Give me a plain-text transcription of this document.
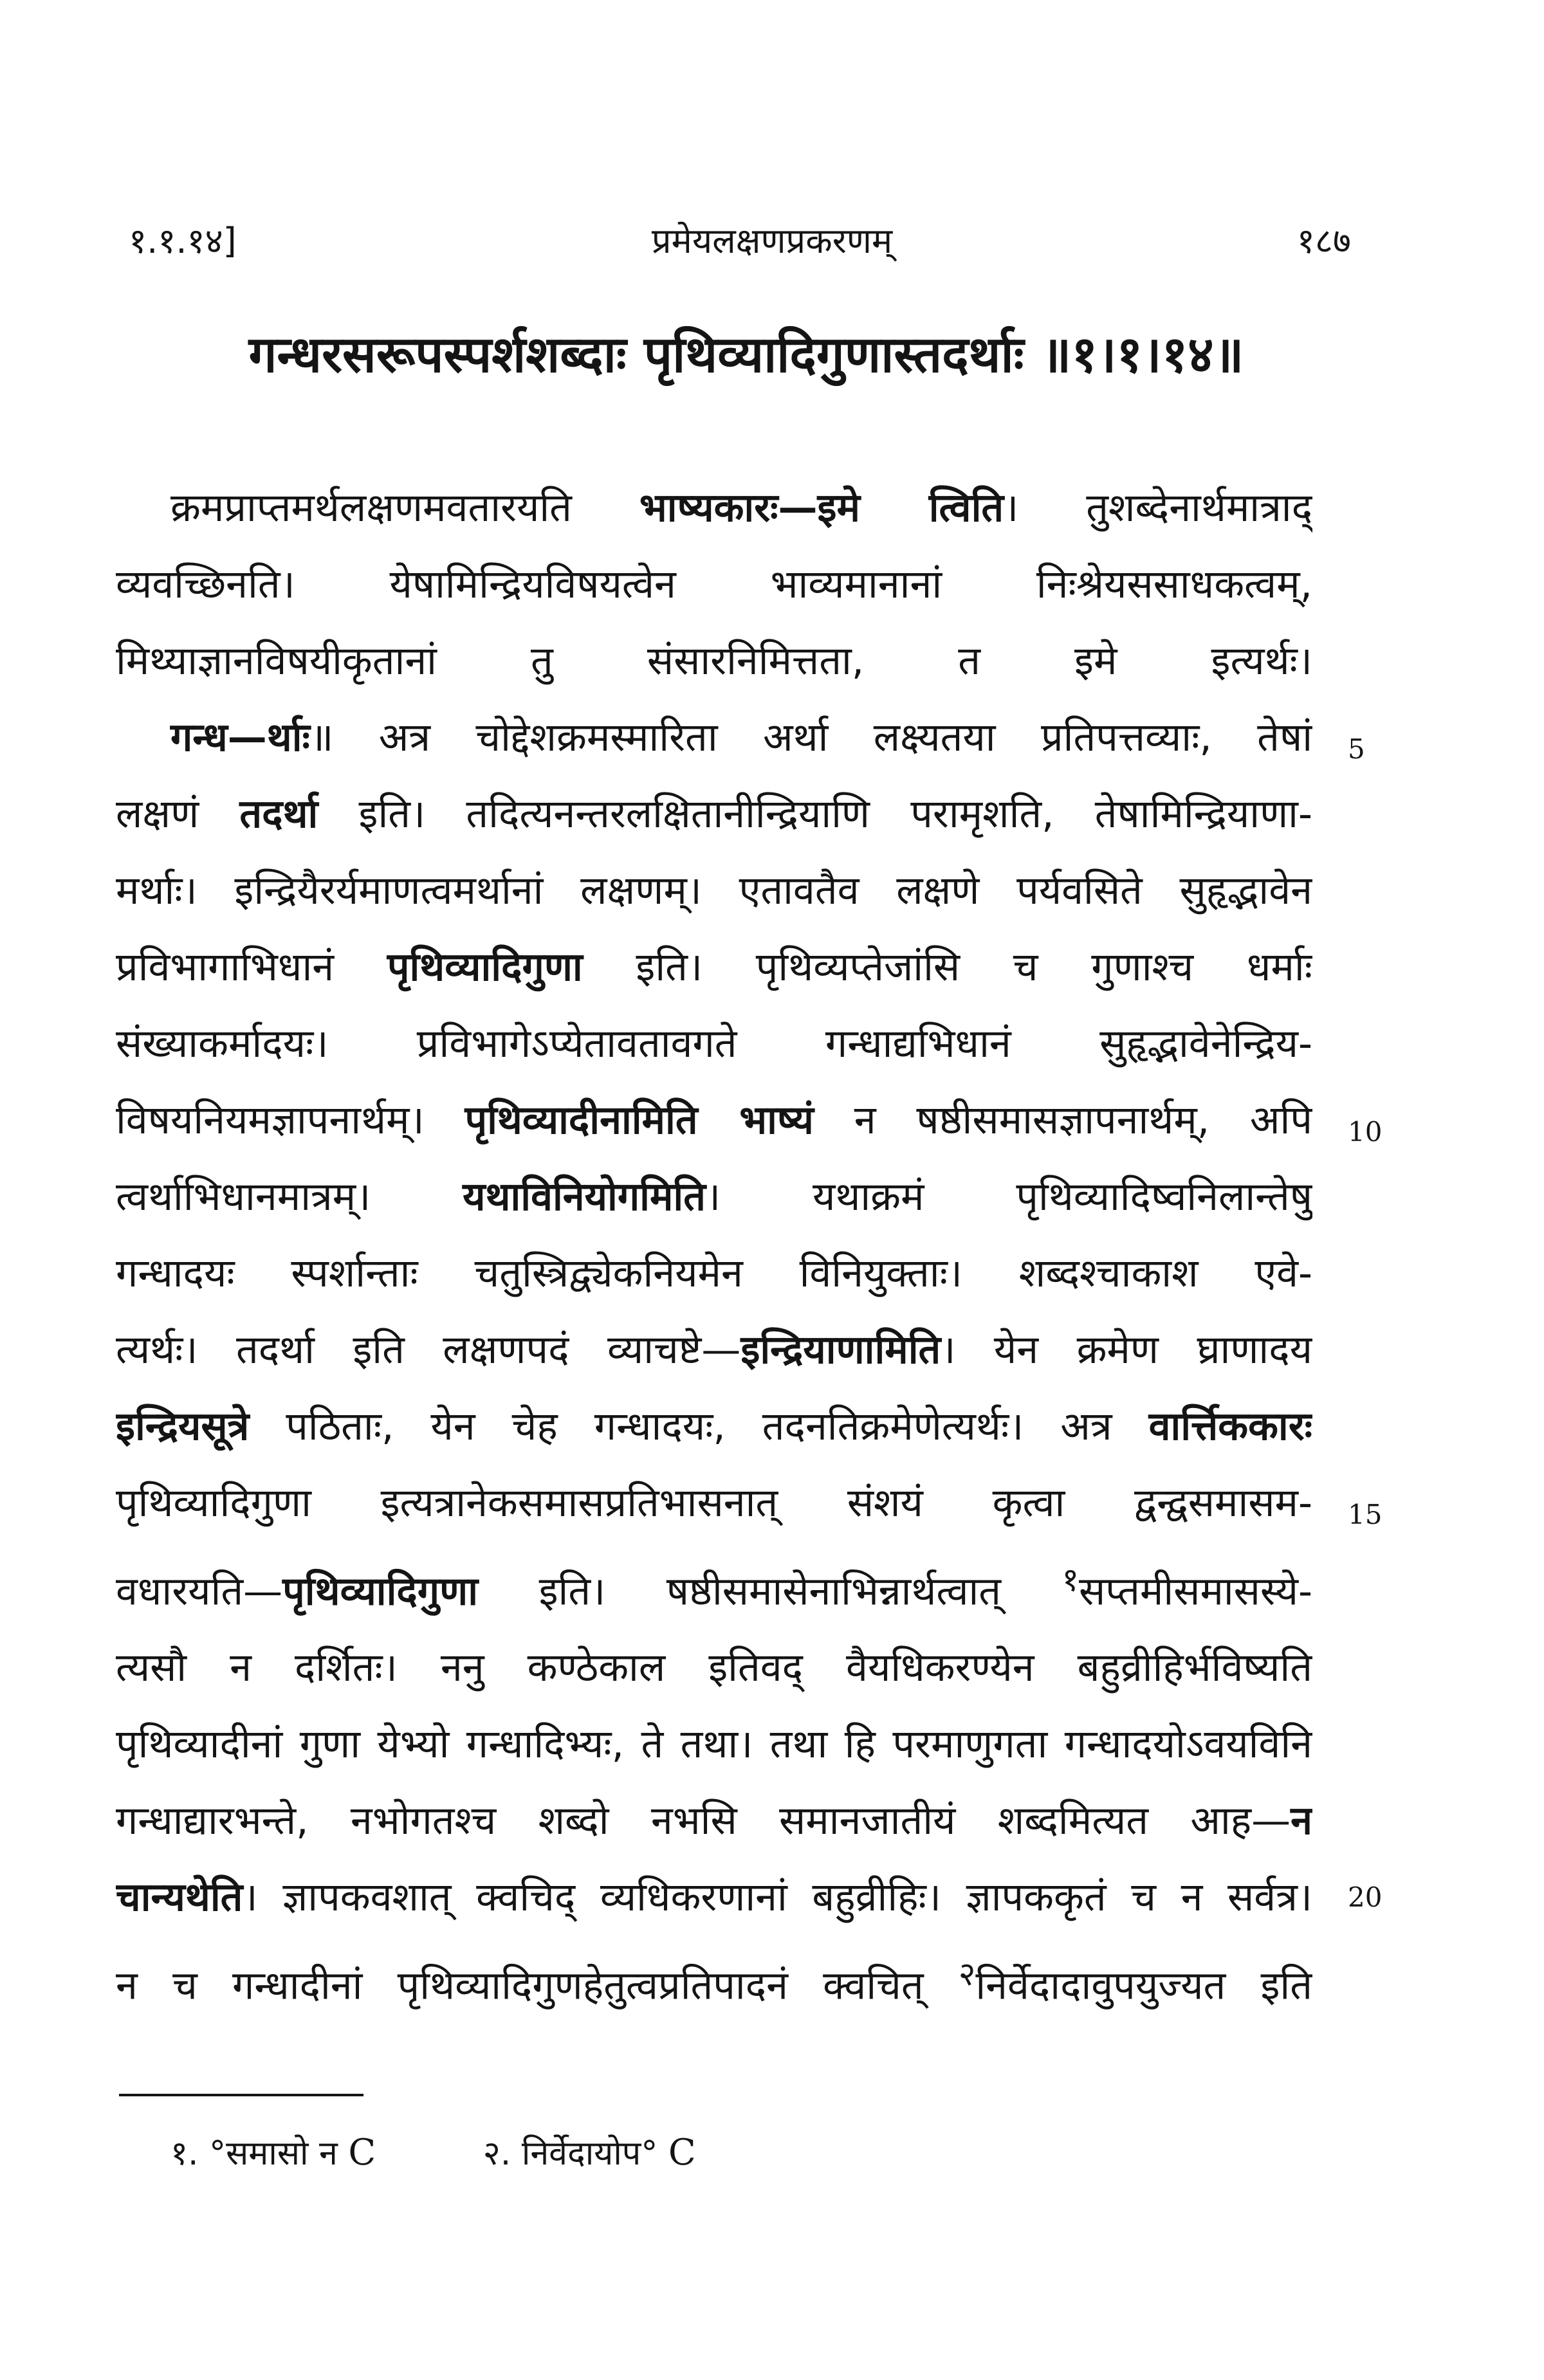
१.१.१४]	प्रमेयलक्षणप्रकरणम्	१८७
गन्धरसरूपस्पर्शशब्दाः पृथिव्यादिगुणास्तदर्थाः ॥१।१।१४॥
क्रमप्राप्तमर्थलक्षणमवतारयति भाष्यकारः—इमे त्विति। तुशब्देनार्थमात्राद्
व्यवच्छिनति। येषामिन्द्रियविषयत्वेन भाव्यमानानां निःश्रेयससाधकत्वम्,
मिथ्याज्ञानविषयीकृतानां तु संसारनिमित्तता, त इमे इत्यर्थः।
गन्ध—र्थाः॥ अत्र चोद्देशक्रमस्मारिता अर्था लक्ष्यतया प्रतिपत्तव्याः, तेषां
लक्षणं तदर्था इति। तदित्यनन्तरलक्षितानीन्द्रियाणि परामृशति, तेषामिन्द्रियाणा-
मर्थाः। इन्द्रियैरर्यमाणत्वमर्थानां लक्षणम्। एतावतैव लक्षणे पर्यवसिते सुहृद्भावेन
प्रविभागाभिधानं पृथिव्यादिगुणा इति। पृथिव्यप्तेजांसि च गुणाश्च धर्माः
संख्याकर्मादयः। प्रविभागेऽप्येतावतावगते गन्धाद्यभिधानं सुहृद्भावेनेन्द्रिय-
विषयनियमज्ञापनार्थम्। पृथिव्यादीनामिति भाष्यं न षष्ठीसमासज्ञापनार्थम्, अपि
त्वर्थाभिधानमात्रम्। यथाविनियोगमिति। यथाक्रमं पृथिव्यादिष्वनिलान्तेषु
गन्धादयः स्पर्शान्ताः चतुस्त्रिद्व्येकनियमेन विनियुक्ताः। शब्दश्चाकाश एवे-
त्यर्थः। तदर्था इति लक्षणपदं व्याचष्टे—इन्द्रियाणामिति। येन क्रमेण घ्राणादय
इन्द्रियसूत्रे पठिताः, येन चेह गन्धादयः, तदनतिक्रमेणेत्यर्थः। अत्र वार्त्तिककारः
पृथिव्यादिगुणा इत्यत्रानेकसमासप्रतिभासनात् संशयं कृत्वा द्वन्द्वसमासम-
वधारयति—पृथिव्यादिगुणा इति। षष्ठीसमासेनाभिन्नार्थत्वात् $^१$सप्तमीसमासस्ये-
त्यसौ न दर्शितः। ननु कण्ठेकाल इतिवद् वैयधिकरण्येन बहुव्रीहिर्भविष्यति
पृथिव्यादीनां गुणा येभ्यो गन्धादिभ्यः, ते तथा। तथा हि परमाणुगता गन्धादयोऽवयविनि
गन्धाद्यारभन्ते, नभोगतश्च शब्दो नभसि समानजातीयं शब्दमित्यत आह—न
चान्यथेति। ज्ञापकवशात् क्वचिद् व्यधिकरणानां बहुव्रीहिः। ज्ञापककृतं च न सर्वत्र।
न च गन्धादीनां पृथिव्यादिगुणहेतुत्वप्रतिपादनं क्वचित् $^२$निर्वेदादावुपयुज्यत इति
5
10
15
20
१. °समासो न C	२. निर्वेदायोप° C
